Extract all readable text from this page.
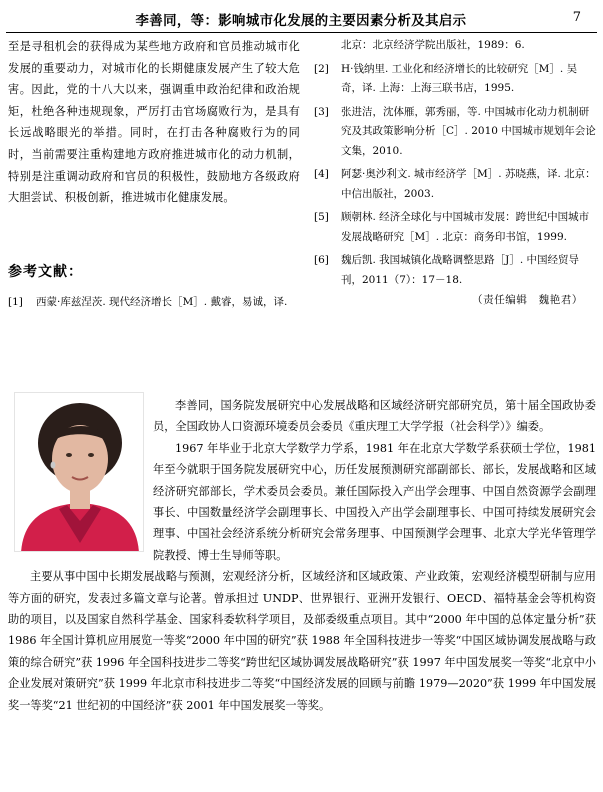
李善同，等：影响城市化发展的主要因素分析及其启示	7

至是寻租机会的获得成为某些地方政府和官员推动城市化发展的重要动力，对城市化的长期健康发展产生了较大危害。因此，党的十八大以来，强调重申政治纪律和政治规矩，杜绝各种违规现象，严厉打击官场腐败行为，是具有长远战略眼光的举措。同时，在打击各种腐败行为的同时，当前需要注重构建地方政府推进城市化的动力机制，特别是注重调动政府和官员的积极性，鼓励地方各级政府大胆尝试、积极创新，推进城市化健康发展。

参考文献：
[1] 西蒙·库兹涅茨. 现代经济增长［M］. 戴睿，易诚，译.
北京：北京经济学院出版社，1989：6.
[2]	H·钱纳里. 工业化和经济增长的比较研究［M］. 吴奇，译. 上海：上海三联书店，1995.
[3]	张进洁，沈体雁，郭秀丽，等. 中国城市化动力机制研究及其政策影响分析［C］. 2010 中国城市规划年会论文集，2010.
[4]	阿瑟·奥沙利文. 城市经济学［M］. 苏晓燕，译. 北京：中信出版社，2003.
[5]	顾朝林. 经济全球化与中国城市发展：跨世纪中国城市发展战略研究［M］. 北京：商务印书馆，1999.
[6]	魏后凯. 我国城镇化战略调整思路［J］. 中国经贸导刊，2011（7）：17－18.
（责任编辑　魏艳君）

李善同，国务院发展研究中心发展战略和区域经济研究部研究员，第十届全国政协委员，全国政协人口资源环境委员会委员《重庆理工大学学报（社会科学）》编委。

1967 年毕业于北京大学数学力学系，1981 年在北京大学数学系获硕士学位，1981 年至今就职于国务院发展研究中心，历任发展预测研究部副部长、部长，发展战略和区域经济研究部部长，学术委员会委员。兼任国际投入产出学会理事、中国自然资源学会副理事长、中国数量经济学会副理事长、中国投入产出学会副理事长、中国可持续发展研究会理事、中国社会经济系统分析研究会常务理事、中国预测学会理事、北京大学光华管理学院教授、博士生导师等职。

主要从事中国中长期发展战略与预测，宏观经济分析，区域经济和区域政策、产业政策，宏观经济模型研制与应用等方面的研究，发表过多篇文章与论著。曾承担过 UNDP、世界银行、亚洲开发银行、OECD、福特基金会等机构资助的项目，以及国家自然科学基金、国家科委软科学项目，及部委级重点项目。其中“2000 年中国的总体定量分析”获 1986 年全国计算机应用展览一等奖“2000 年中国的研究”获 1988 年全国科技进步一等奖“中国区域协调发展战略与政策的综合研究”获 1996 年全国科技进步二等奖“跨世纪区域协调发展战略研究”获 1997 年中国发展奖一等奖“北京中小企业发展对策研究”获 1999 年北京市科技进步二等奖“中国经济发展的回顾与前瞻 1979—2020”获 1999 年中国发展奖一等奖“21 世纪初的中国经济”获 2001 年中国发展奖一等奖。
